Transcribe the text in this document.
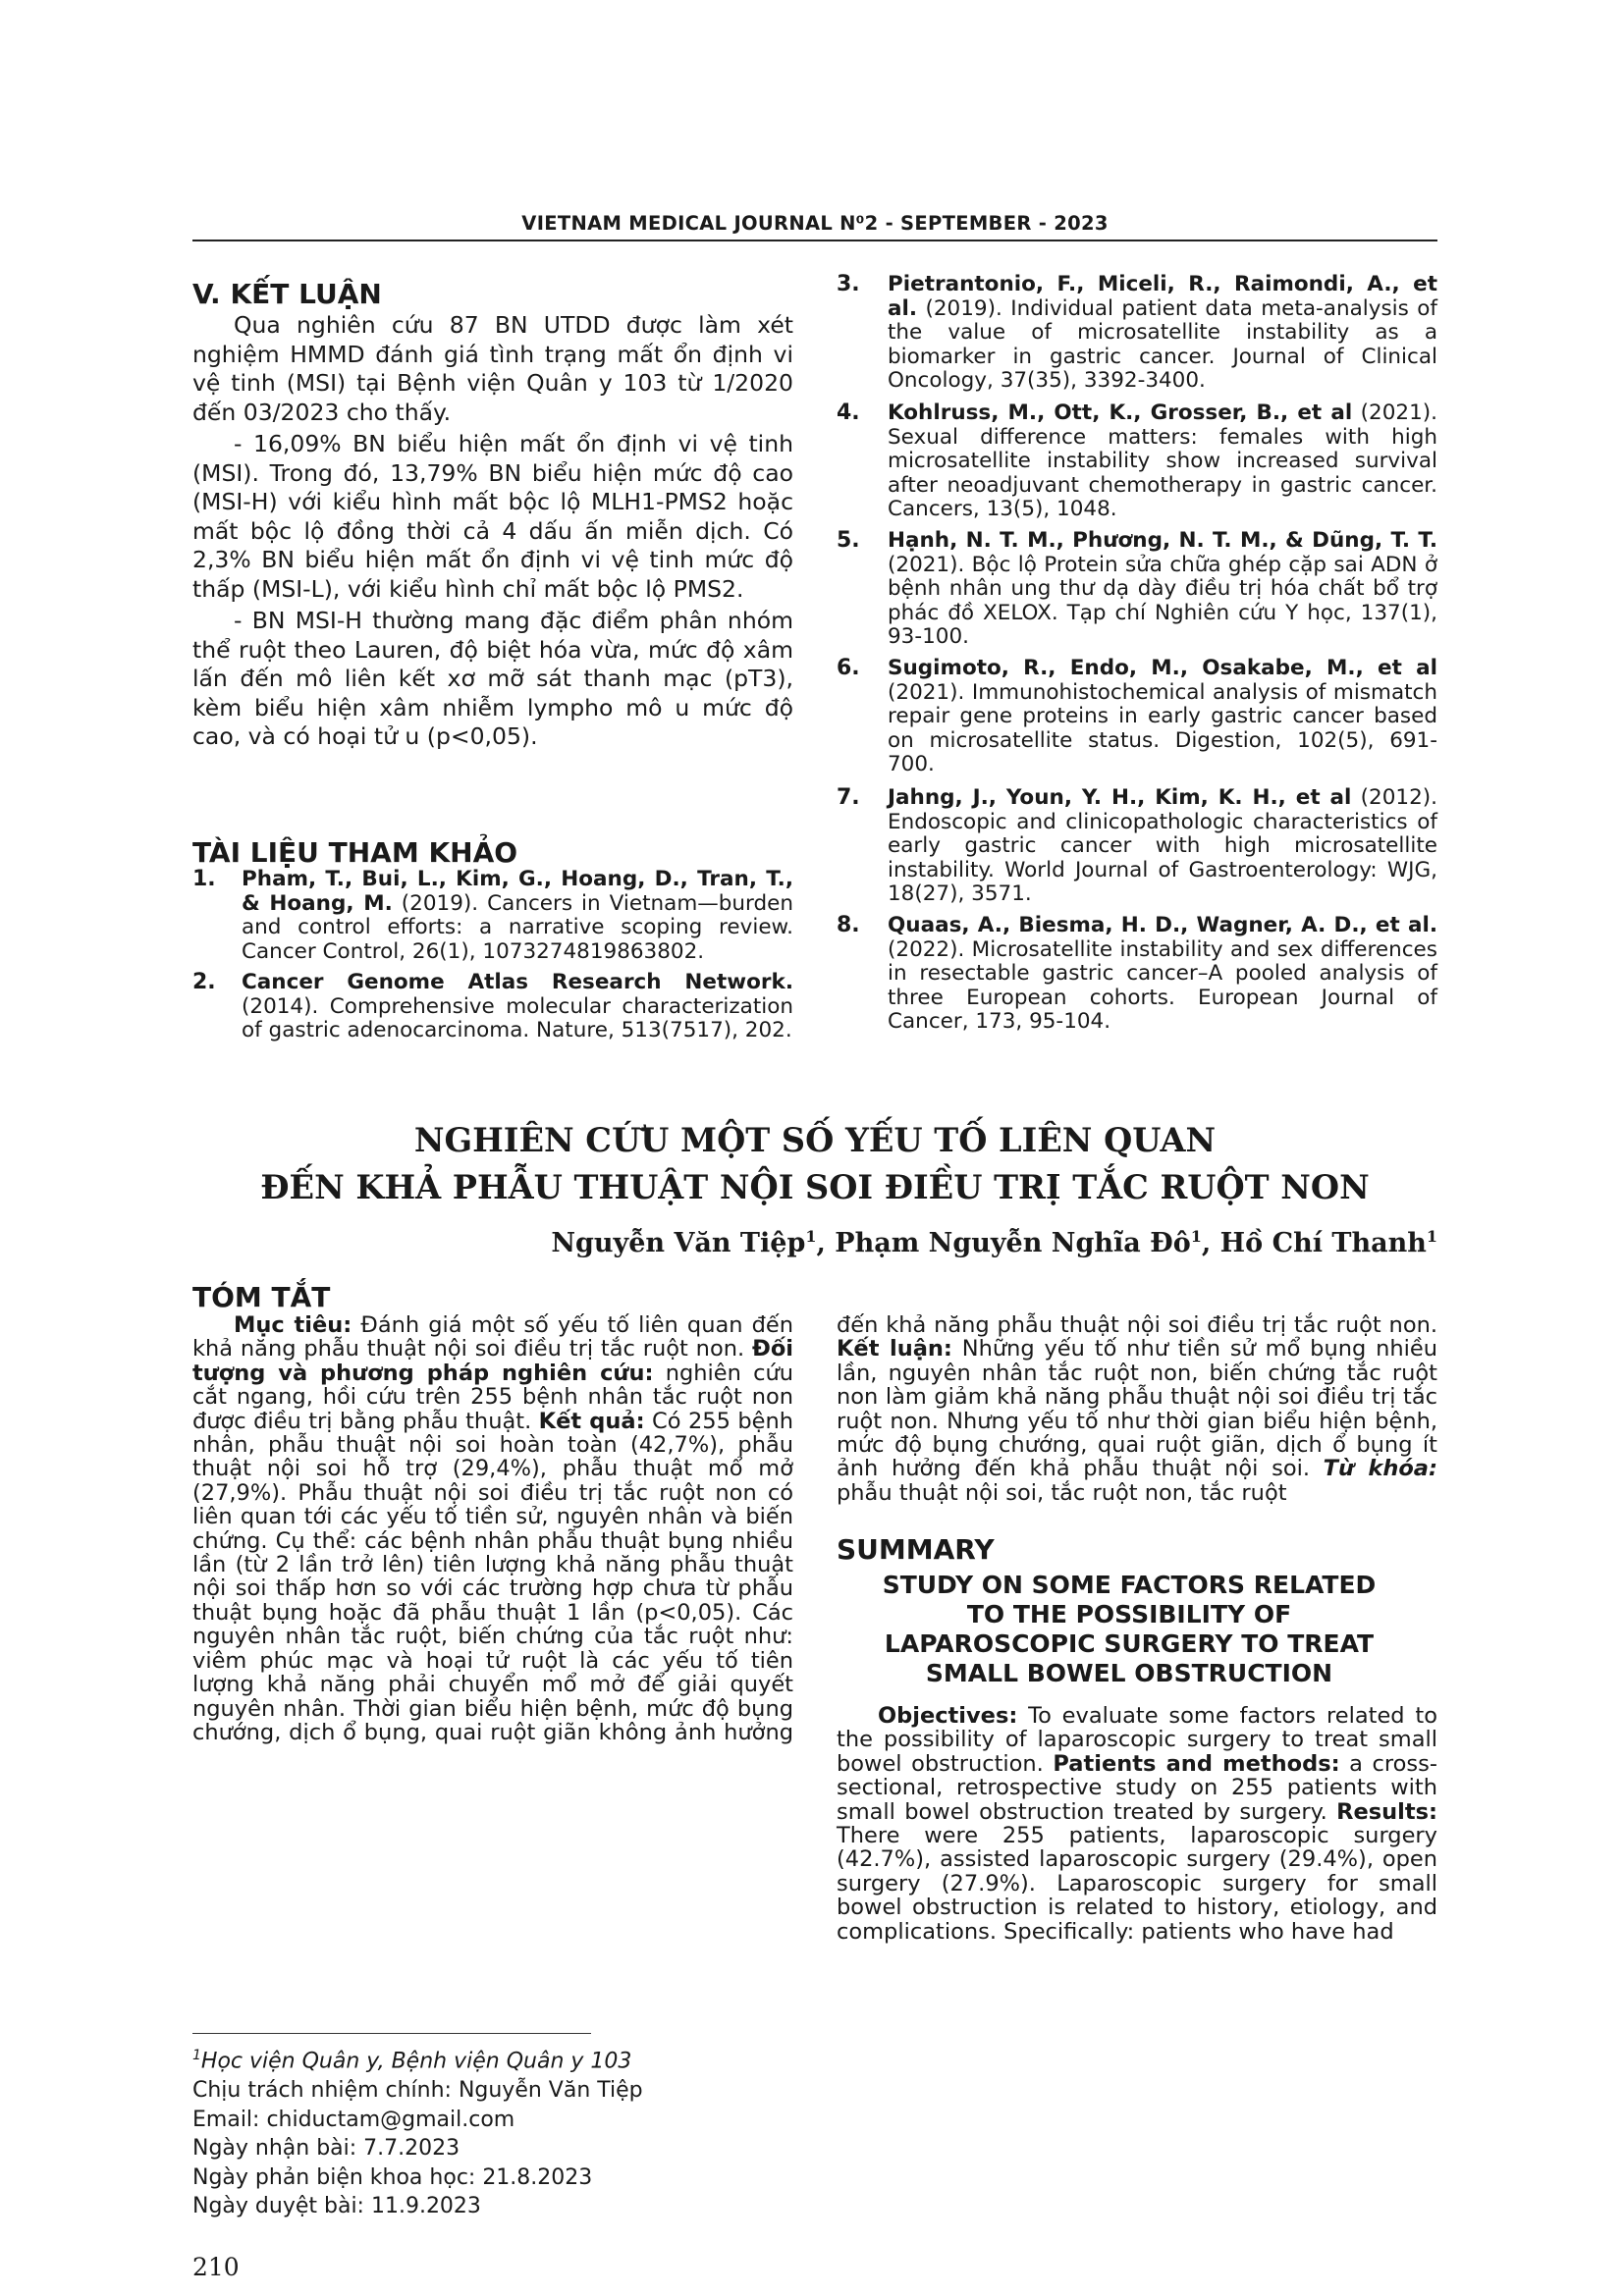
VIETNAM MEDICAL JOURNAL N⁰2 - SEPTEMBER - 2023
V. KẾT LUẬN
Qua nghiên cứu 87 BN UTDD được làm xét nghiệm HMMD đánh giá tình trạng mất ổn định vi vệ tinh (MSI) tại Bệnh viện Quân y 103 từ 1/2020 đến 03/2023 cho thấy.
- 16,09% BN biểu hiện mất ổn định vi vệ tinh (MSI). Trong đó, 13,79% BN biểu hiện mức độ cao (MSI-H) với kiểu hình mất bộc lộ MLH1-PMS2 hoặc mất bộc lộ đồng thời cả 4 dấu ấn miễn dịch. Có 2,3% BN biểu hiện mất ổn định vi vệ tinh mức độ thấp (MSI-L), với kiểu hình chỉ mất bộc lộ PMS2.
- BN MSI-H thường mang đặc điểm phân nhóm thể ruột theo Lauren, độ biệt hóa vừa, mức độ xâm lấn đến mô liên kết xơ mỡ sát thanh mạc (pT3), kèm biểu hiện xâm nhiễm lympho mô u mức độ cao, và có hoại tử u (p<0,05).
TÀI LIỆU THAM KHẢO
1. Pham, T., Bui, L., Kim, G., Hoang, D., Tran, T., & Hoang, M. (2019). Cancers in Vietnam—burden and control efforts: a narrative scoping review. Cancer Control, 26(1), 1073274819863802.
2. Cancer Genome Atlas Research Network. (2014). Comprehensive molecular characterization of gastric adenocarcinoma. Nature, 513(7517), 202.
3. Pietrantonio, F., Miceli, R., Raimondi, A., et al. (2019). Individual patient data meta-analysis of the value of microsatellite instability as a biomarker in gastric cancer. Journal of Clinical Oncology, 37(35), 3392-3400.
4. Kohlruss, M., Ott, K., Grosser, B., et al (2021). Sexual difference matters: females with high microsatellite instability show increased survival after neoadjuvant chemotherapy in gastric cancer. Cancers, 13(5), 1048.
5. Hạnh, N. T. M., Phương, N. T. M., & Dũng, T. T. (2021). Bộc lộ Protein sửa chữa ghép cặp sai ADN ở bệnh nhân ung thư dạ dày điều trị hóa chất bổ trợ phác đồ XELOX. Tạp chí Nghiên cứu Y học, 137(1), 93-100.
6. Sugimoto, R., Endo, M., Osakabe, M., et al (2021). Immunohistochemical analysis of mismatch repair gene proteins in early gastric cancer based on microsatellite status. Digestion, 102(5), 691-700.
7. Jahng, J., Youn, Y. H., Kim, K. H., et al (2012). Endoscopic and clinicopathologic characteristics of early gastric cancer with high microsatellite instability. World Journal of Gastroenterology: WJG, 18(27), 3571.
8. Quaas, A., Biesma, H. D., Wagner, A. D., et al. (2022). Microsatellite instability and sex differences in resectable gastric cancer–A pooled analysis of three European cohorts. European Journal of Cancer, 173, 95-104.
NGHIÊN CỨU MỘT SỐ YẾU TỐ LIÊN QUAN
ĐẾN KHẢ PHẪU THUẬT NỘI SOI ĐIỀU TRỊ TẮC RUỘT NON
Nguyễn Văn Tiệp$^1$, Phạm Nguyễn Nghĩa $Đô^1$, Hồ Chí Thanh$^1$
TÓM TẮT
Mục tiêu: Đánh giá một số yếu tố liên quan đến khả năng phẫu thuật nội soi điều trị tắc ruột non. Đối tượng và phương pháp nghiên cứu: nghiên cứu cắt ngang, hồi cứu trên 255 bệnh nhân tắc ruột non được điều trị bằng phẫu thuật. Kết quả: Có 255 bệnh nhân, phẫu thuật nội soi hoàn toàn (42,7%), phẫu thuật nội soi hỗ trợ (29,4%), phẫu thuật mổ mở (27,9%). Phẫu thuật nội soi điều trị tắc ruột non có liên quan tới các yếu tố tiền sử, nguyên nhân và biến chứng. Cụ thể: các bệnh nhân phẫu thuật bụng nhiều lần (từ 2 lần trở lên) tiên lượng khả năng phẫu thuật nội soi thấp hơn so với các trường hợp chưa từ phẫu thuật bụng hoặc đã phẫu thuật 1 lần (p<0,05). Các nguyên nhân tắc ruột, biến chứng của tắc ruột như: viêm phúc mạc và hoại tử ruột là các yếu tố tiên lượng khả năng phải chuyển mổ mở để giải quyết nguyên nhân. Thời gian biểu hiện bệnh, mức độ bụng chướng, dịch ổ bụng, quai ruột giãn không ảnh hưởng đến khả năng phẫu thuật nội soi điều trị tắc ruột non. Kết luận: Những yếu tố như tiền sử mổ bụng nhiều lần, nguyên nhân tắc ruột non, biến chứng tắc ruột non làm giảm khả năng phẫu thuật nội soi điều trị tắc ruột non. Nhưng yếu tố như thời gian biểu hiện bệnh, mức độ bụng chướng, quai ruột giãn, dịch ổ bụng ít ảnh hưởng đến khả phẫu thuật nội soi. Từ khóa: phẫu thuật nội soi, tắc ruột non, tắc ruột
SUMMARY
STUDY ON SOME FACTORS RELATED TO THE POSSIBILITY OF LAPAROSCOPIC SURGERY TO TREAT SMALL BOWEL OBSTRUCTION
Objectives: To evaluate some factors related to the possibility of laparoscopic surgery to treat small bowel obstruction. Patients and methods: a cross-sectional, retrospective study on 255 patients with small bowel obstruction treated by surgery. Results: There were 255 patients, laparoscopic surgery (42.7%), assisted laparoscopic surgery (29.4%), open surgery (27.9%). Laparoscopic surgery for small bowel obstruction is related to history, etiology, and complications. Specifically: patients who have had
$^1$Học viện Quân y, Bệnh viện Quân y 103
Chịu trách nhiệm chính: Nguyễn Văn Tiệp
Email: chiductam@gmail.com
Ngày nhận bài: 7.7.2023
Ngày phản biện khoa học: 21.8.2023
Ngày duyệt bài: 11.9.2023
210
